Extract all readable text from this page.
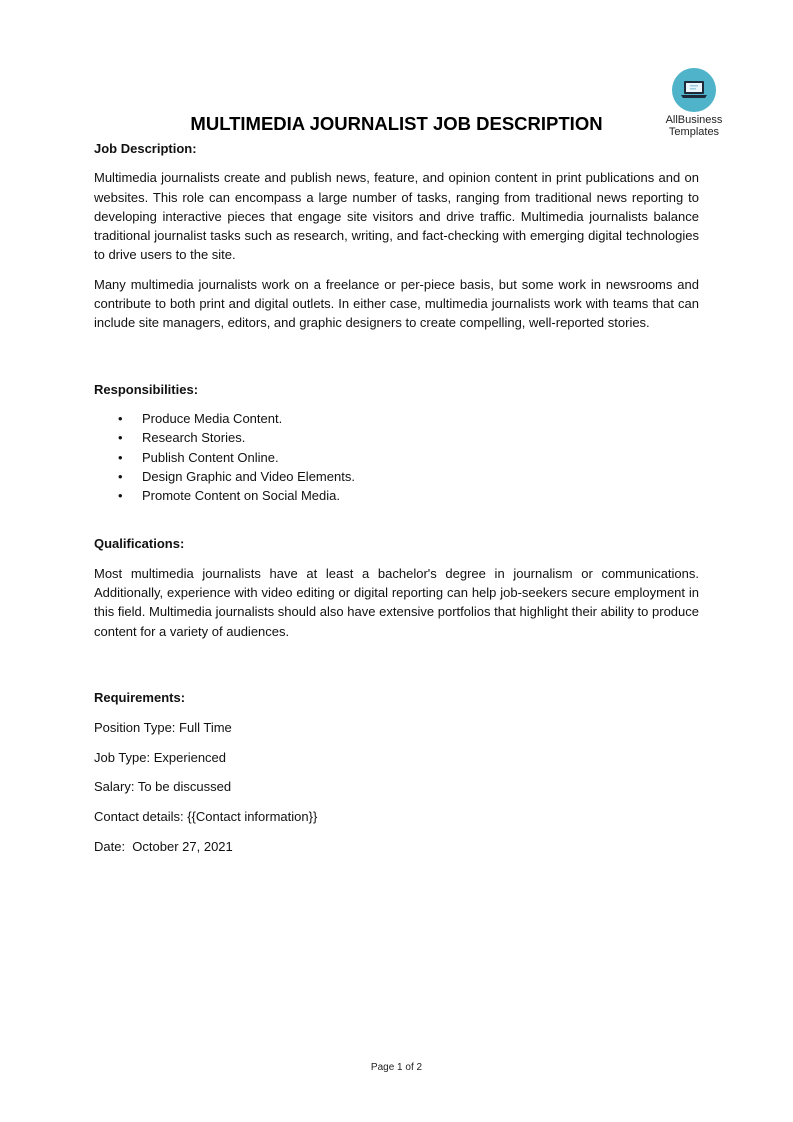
AllBusiness
Templates
MULTIMEDIA JOURNALIST JOB DESCRIPTION
Job Description:

Multimedia journalists create and publish news, feature, and opinion content in print publications and on websites. This role can encompass a large number of tasks, ranging from traditional news reporting to developing interactive pieces that engage site visitors and drive traffic. Multimedia journalists balance traditional journalist tasks such as research, writing, and fact-checking with emerging digital technologies to drive users to the site.

Many multimedia journalists work on a freelance or per-piece basis, but some work in newsrooms and contribute to both print and digital outlets. In either case, multimedia journalists work with teams that can include site managers, editors, and graphic designers to create compelling, well-reported stories.

Responsibilities:
• Produce Media Content.
• Research Stories.
• Publish Content Online.
• Design Graphic and Video Elements.
• Promote Content on Social Media.
Qualifications:

Most multimedia journalists have at least a bachelor's degree in journalism or communications. Additionally, experience with video editing or digital reporting can help job-seekers secure employment in this field. Multimedia journalists should also have extensive portfolios that highlight their ability to produce content for a variety of audiences.

Requirements:
Position Type: Full Time
Job Type: Experienced
Salary: To be discussed
Contact details: {{Contact information}}
Date:  October 27, 2021
Page 1 of 2
